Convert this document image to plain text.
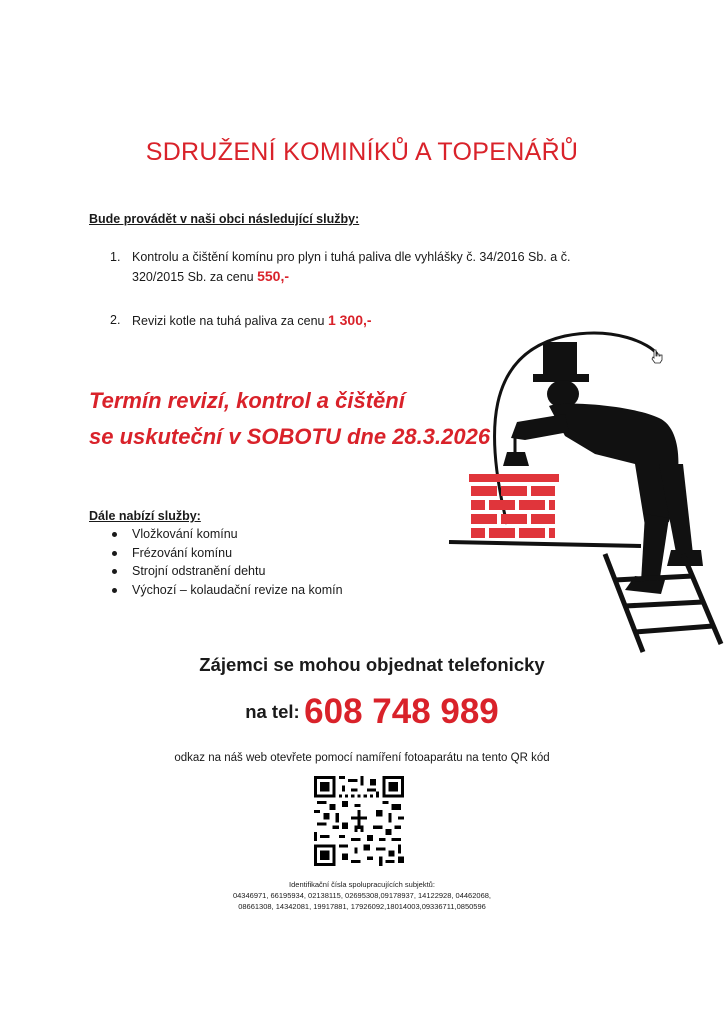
SDRUŽENÍ KOMINÍKŮ A TOPENÁŘŮ
Bude provádět v naši obci následující služby:
1. Kontrolu a čištění komínu pro plyn i tuhá paliva dle vyhlášky č. 34/2016 Sb. a č. 320/2015 Sb. za cenu 550,-
2. Revizi kotle na tuhá paliva za cenu 1 300,-
Termín revizí, kontrol a čištění
se uskuteční v SOBOTU dne 28.3.2026
Dále nabízí služby:
Vložkování komínu
Frézování komínu
Strojní odstranění dehtu
Výchozí – kolaudační revize na komín
Zájemci se mohou objednat telefonicky
na tel: 608 748 989
odkaz na náš web otevřete pomocí namíření fotoaparátu na tento QR kód
Identifikační čísla spolupracujících subjektů:
04346971, 66195934, 02138115, 02695308,09178937, 14122928, 04462068,
08661308, 14342081, 19917881, 17926092,18014003,09336711,0850596
